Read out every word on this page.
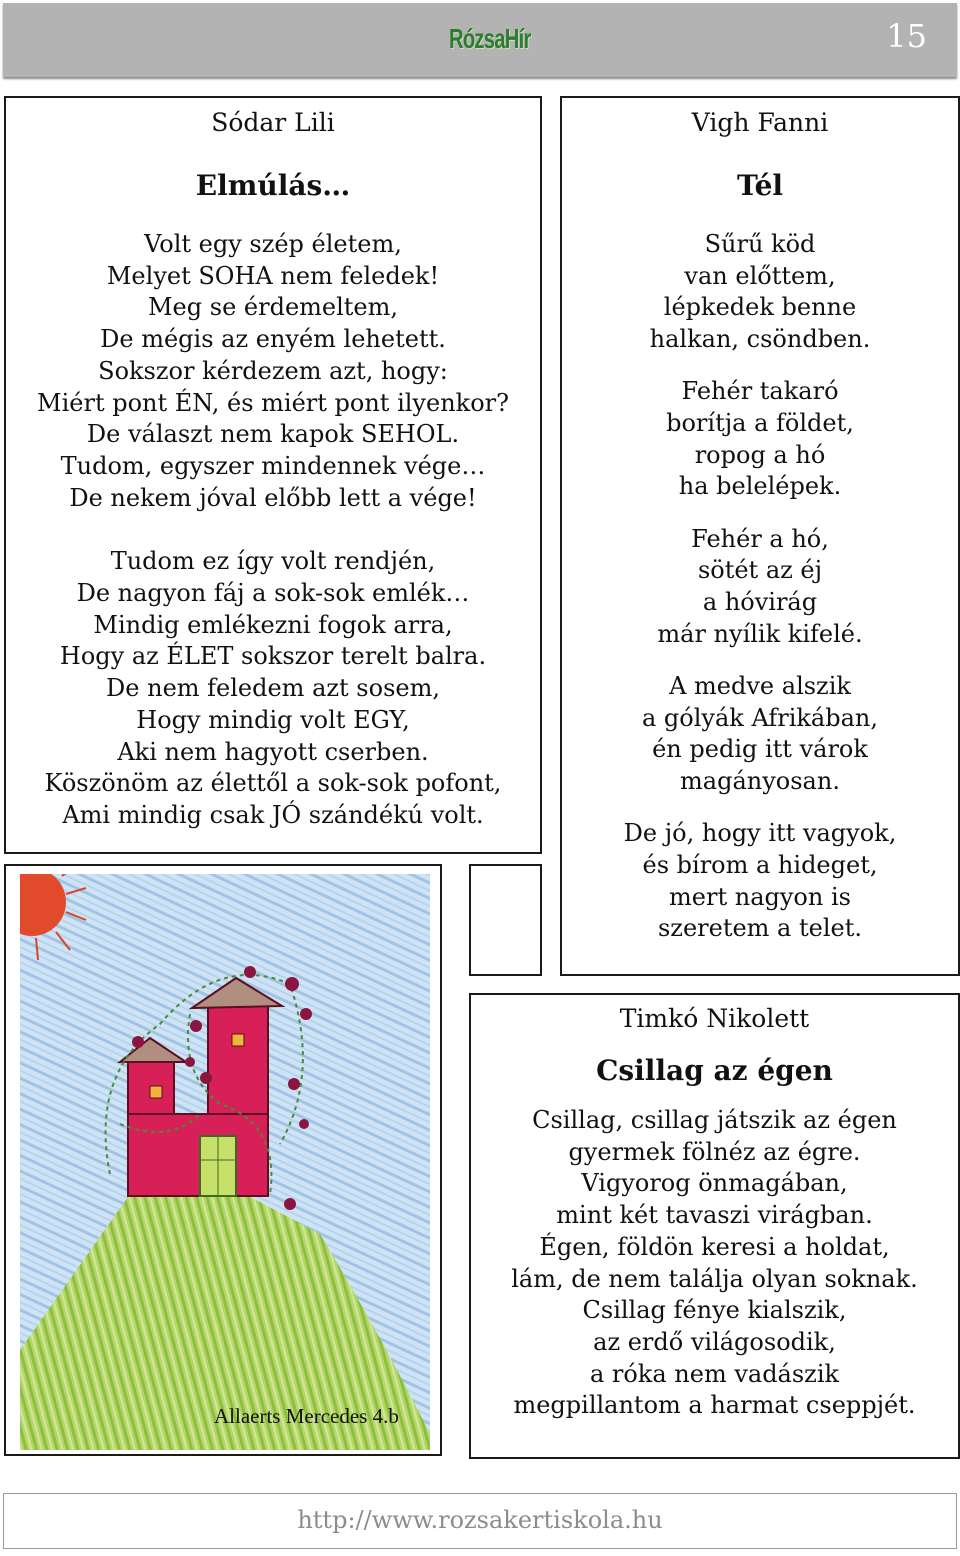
RózsaHír	15
Sódar Lili
Elmúlás…
Volt egy szép életem,
Melyet SOHA nem feledek!
Meg se érdemeltem,
De mégis az enyém lehetett.
Sokszor kérdezem azt, hogy:
Miért pont ÉN, és miért pont ilyenkor?
De választ nem kapok SEHOL.
Tudom, egyszer mindennek vége…
De nekem jóval előbb lett a vége!
Tudom ez így volt rendjén,
De nagyon fáj a sok-sok emlék…
Mindig emlékezni fogok arra,
Hogy az ÉLET sokszor terelt balra.
De nem feledem azt sosem,
Hogy mindig volt EGY,
Aki nem hagyott cserben.
Köszönöm az élettől a sok-sok pofont,
Ami mindig csak JÓ szándékú volt.
Vigh Fanni
Tél
Sűrű köd
van előttem,
lépkedek benne
halkan, csöndben.
Fehér takaró
borítja a földet,
ropog a hó
ha belelépek.
Fehér a hó,
sötét az éj
a hóvirág
már nyílik kifelé.
A medve alszik
a gólyák Afrikában,
én pedig itt várok
magányosan.
De jó, hogy itt vagyok,
és bírom a hideget,
mert nagyon is
szeretem a telet.
Allaerts Mercedes 4.b
Timkó Nikolett
Csillag az égen
Csillag, csillag játszik az égen
gyermek fölnéz az égre.
Vigyorog önmagában,
mint két tavaszi virágban.
Égen, földön keresi a holdat,
lám, de nem találja olyan soknak.
Csillag fénye kialszik,
az erdő világosodik,
a róka nem vadászik
megpillantom a harmat cseppjét.
http://www.rozsakertiskola.hu
